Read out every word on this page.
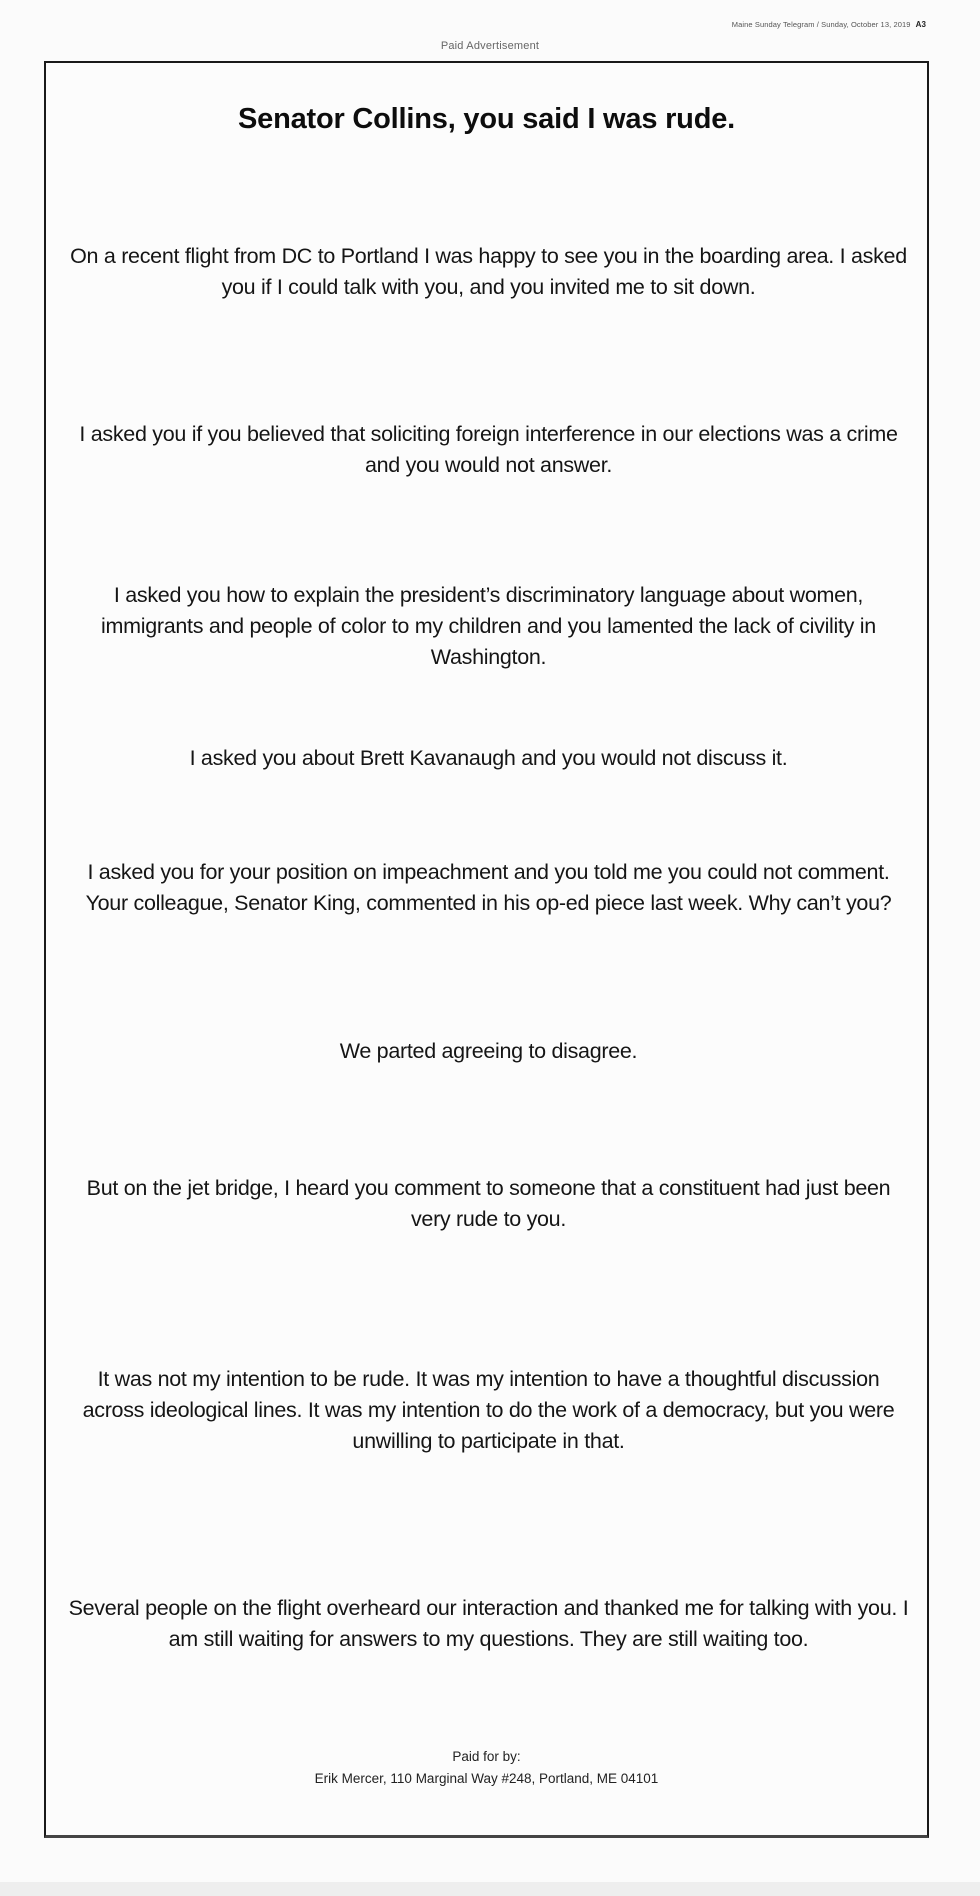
Maine Sunday Telegram / Sunday, October 13, 2019 A3
Paid Advertisement
Senator Collins, you said I was rude.

On a recent flight from DC to Portland I was happy to see you in the boarding area. I asked you if I could talk with you, and you invited me to sit down.

I asked you if you believed that soliciting foreign interference in our elections was a crime and you would not answer.

I asked you how to explain the president’s discriminatory language about women, immigrants and people of color to my children and you lamented the lack of civility in Washington.

I asked you about Brett Kavanaugh and you would not discuss it.

I asked you for your position on impeachment and you told me you could not comment. Your colleague, Senator King, commented in his op-ed piece last week. Why can’t you?

We parted agreeing to disagree.

But on the jet bridge, I heard you comment to someone that a constituent had just been very rude to you.

It was not my intention to be rude. It was my intention to have a thoughtful discussion across ideological lines. It was my intention to do the work of a democracy, but you were unwilling to participate in that.

Several people on the flight overheard our interaction and thanked me for talking with you. I am still waiting for answers to my questions. They are still waiting too.

Paid for by:
Erik Mercer, 110 Marginal Way #248, Portland, ME 04101
